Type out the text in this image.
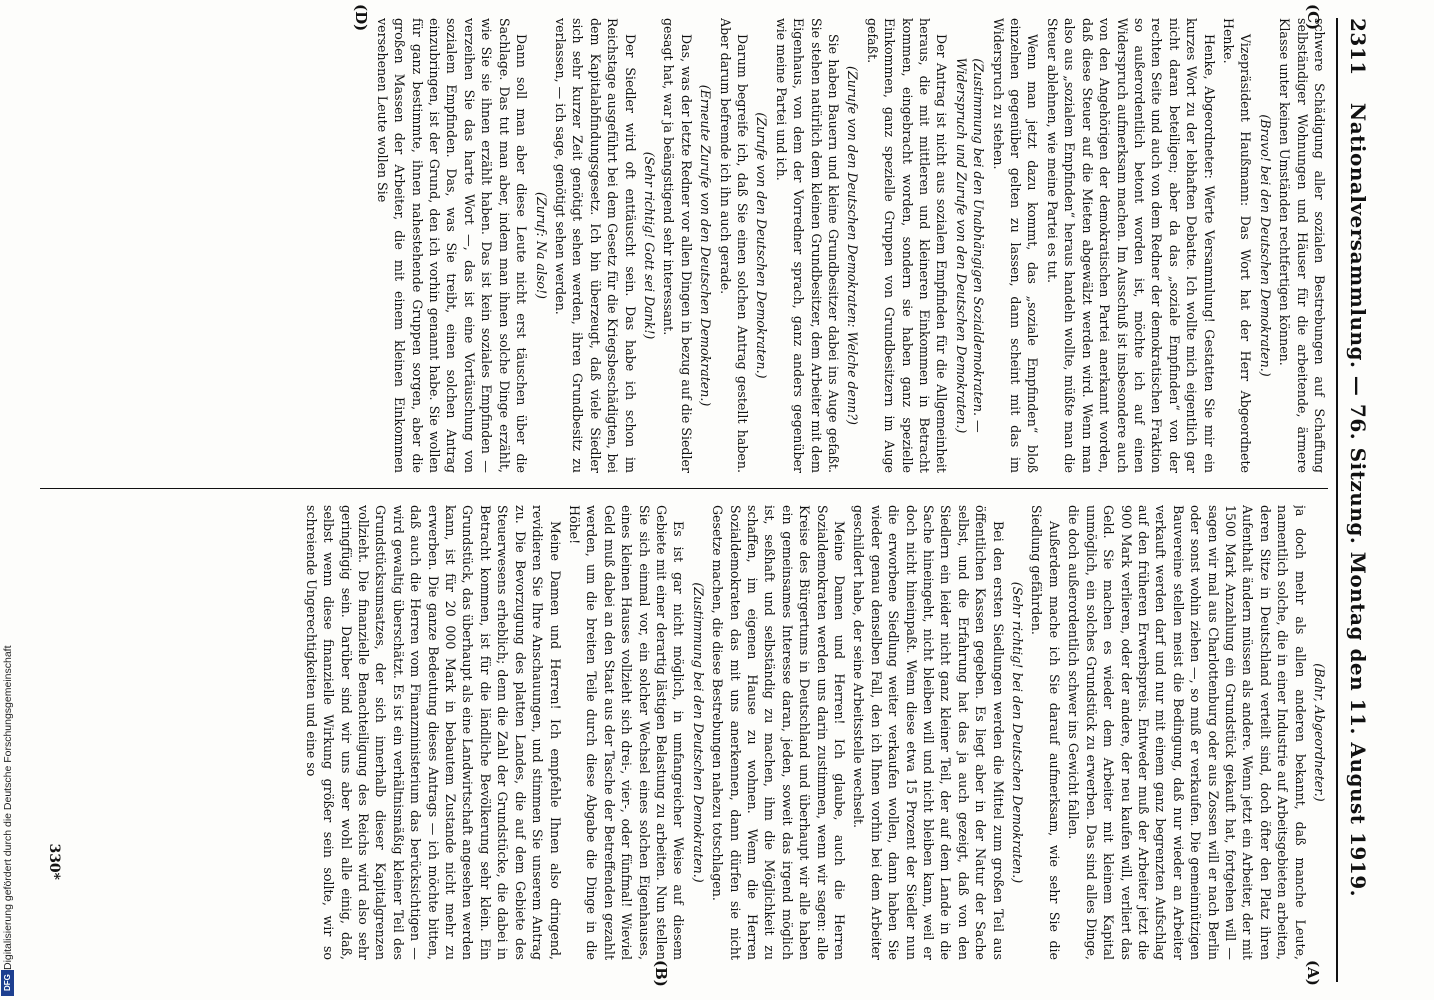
2311
Nationalversammlung. — 76. Sitzung. Montag den 11. August 1919.

schwere Schädigung aller sozialen Bestrebungen auf Schaffung selbständiger Wohnungen und Häuser für die arbeitende, ärmere Klasse unter keinen Umständen rechtfertigen können.

(Bravo! bei den Deutschen Demokraten.)

Vizepräsident Haußmann: Das Wort hat der Herr Abgeordnete Henke.

Henke, Abgeordneter: Werte Versammlung! Gestatten Sie mir ein kurzes Wort zu der lebhaften Debatte. Ich wollte mich eigentlich gar nicht daran beteiligen; aber da das „soziale Empfinden“ von der rechten Seite und auch von dem Redner der demokratischen Fraktion so außerordentlich betont worden ist, möchte ich auf einen Widerspruch aufmerksam machen. Im Ausschuß ist insbesondere auch von den Angehörigen der demokratischen Partei anerkannt worden, daß diese Steuer auf die Mieten abgewälzt werden wird. Wenn man also aus „sozialem Empfinden“ heraus handeln wollte, müßte man die Steuer ablehnen, wie meine Partei es tut.

Wenn man jetzt dazu kommt, das „soziale Empfinden“ bloß einzelnen gegenüber gelten zu lassen, dann scheint mit das im Widerspruch zu stehen.

(Zustimmung bei den Unabhängigen Sozialdemokraten. — Widerspruch und Zurufe von den Deutschen Demokraten.)

Der Antrag ist nicht aus sozialem Empfinden für die Allgemeinheit heraus, die mit mittleren und kleineren Einkommen in Betracht kommen, eingebracht worden, sondern sie haben ganz spezielle Einkommen, ganz spezielle Gruppen von Grundbesitzern im Auge gefaßt.

(Zurufe von den Deutschen Demokraten: Welche denn?)

Sie haben Bauern und kleine Grundbesitzer dabei ins Auge gefaßt. Sie stehen natürlich dem kleinen Grundbesitzer, dem Arbeiter mit dem Eigenhaus, von dem der Vorredner sprach, ganz anders gegenüber wie meine Partei und ich.

(Zurufe von den Deutschen Demokraten.)

Darum begreife ich, daß Sie einen solchen Antrag gestellt haben. Aber darum befremde ich ihn auch gerade.

(Erneute Zurufe von den Deutschen Demokraten.)

Das, was der letzte Redner vor allen Dingen in bezug auf die Siedler gesagt hat, war ja beängstigend sehr interessant.

(Sehr richtig! Gott sei Dank!)

Der Siedler wird oft enttäuscht sein. Das habe ich schon im Reichstage ausgeführt bei dem Gesetz für die Kriegsbeschädigten, bei dem Kapitalabfindungsgesetz. Ich bin überzeugt, daß viele Siedler sich sehr kurzer Zeit genötigt sehen werden, ihren Grundbesitz zu verlassen, — ich sage, genötigt sehen werden.

(Zuruf: Na also!)

Dann soll man aber diese Leute nicht erst täuschen über die Sachlage. Das tut man aber, indem man ihnen solche Dinge erzählt, wie Sie sie ihnen erzählt haben. Das ist kein soziales Empfinden — verzeihen Sie das harte Wort —, das ist eine Vortäuschung von sozialem Empfinden. Das, was Sie treibt, einen solchen Antrag einzubringen, ist der Grund, den ich vorhin genannt habe. Sie wollen für ganz bestimmte, ihnen nahestehende Gruppen sorgen, aber die großen Massen der Arbeiter, die mit einem kleinen Einkommen versehenen Leute wollen Sie

(Bahr, Abgeordneter.)

ja doch mehr als allen anderen bekannt, daß manche Leute, namentlich solche, die in einer Industrie auf Arbeitsgebieten arbeiten, deren Sitze in Deutschland verteilt sind, doch öfter den Platz ihren Aufenthalt ändern müssen als andere. Wenn jetzt ein Arbeiter, der mit 1500 Mark Anzahlung ein Grundstück gekauft hat, fortgehen will — sagen wir mal aus Charlottenburg oder aus Zossen will er nach Berlin oder sonst wohin ziehen —, so muß er verkaufen. Die gemeinnützigen Bauvereine stellen meist die Bedingung, daß nur wieder an Arbeiter verkauft werden darf und nur mit einem ganz begrenzten Aufschlag auf den früheren Erwerbspreis. Entweder muß der Arbeiter jetzt die 900 Mark verlieren, oder der andere, der neu kaufen will, verliert das Geld. Sie machen es wieder dem Arbeiter mit kleinem Kapital unmöglich, ein solches Grundstück zu erwerben. Das sind alles Dinge, die doch außerordentlich schwer ins Gewicht fallen.

Außerdem mache ich Sie darauf aufmerksam, wie sehr Sie die Siedlung gefährden.

(Sehr richtig! bei den Deutschen Demokraten.)

Bei den ersten Siedlungen werden die Mittel zum großen Teil aus öffentlichen Kassen gegeben. Es liegt aber in der Natur der Sache selbst, und die Erfahrung hat das ja auch gezeigt, daß von den Siedlern ein leider nicht ganz kleiner Teil, der auf dem Lande in die Sache hineingeht, nicht bleiben will und nicht bleiben kann, weil er doch nicht hineinpaßt. Wenn diese etwa 15 Prozent der Siedler nun die erworbene Siedlung weiter verkaufen wollen, dann haben Sie wieder genau denselben Fall, den ich Ihnen vorhin bei dem Arbeiter geschildert habe, der seine Arbeitsstelle wechselt.

Meine Damen und Herren! Ich glaube, auch die Herren Sozialdemokraten werden uns darin zustimmen, wenn wir sagen: alle Kreise des Bürgertums in Deutschland und überhaupt wir alle haben ein gemeinsames Interesse daran, jeden, soweit das irgend möglich ist, seßhaft und selbständig zu machen, ihm die Möglichkeit zu schaffen, im eigenen Hause zu wohnen. Wenn die Herren Sozialdemokraten das mit uns anerkennen, dann dürfen sie nicht Gesetze machen, die diese Bestrebungen nahezu totschlagen.

(Zustimmung bei den Deutschen Demokraten.)

Es ist gar nicht möglich, in umfangreicher Weise auf diesem Gebiete mit einer derartig lästigen Belastung zu arbeiten. Nun stellen Sie sich einmal vor, ein solcher Wechsel eines solchen Eigenhauses, eines kleinen Hauses vollzieht sich drei-, vier-, oder fünfmal! Wieviel Geld muß dabei an den Staat aus der Tasche der Betreffenden gezahlt werden, um die breiten Teile durch diese Abgabe die Dinge in die Höhe!

Meine Damen und Herren! Ich empfehle Ihnen also dringend, revidieren Sie Ihre Anschauungen, und stimmen Sie unserem Antrag zu. Die Bevorzugung des platten Landes, die auf dem Gebiete des Steuerwesens erheblich; denn die Zahl der Grundstücke, die dabei in Betracht kommen, ist für die ländliche Bevölkerung sehr klein. Ein Grundstück, das überhaupt als eine Landwirtschaft angesehen werden kann, ist für 20 000 Mark in bebautem Zustande nicht mehr zu erwerben. Die ganze Bedeutung dieses Antrags — ich möchte bitten, daß auch die Herren vom Finanzministerium das berücksichtigen — wird gewaltig überschätzt. Es ist ein verhältnismäßig kleiner Teil des Grundstücksumsatzes, der sich innerhalb dieser Kapitalgrenzen vollzieht. Die finanzielle Benachteiligung des Reichs wird also sehr geringfügig sein. Darüber sind wir uns aber wohl alle einig, daß, selbst wenn diese finanzielle Wirkung größer sein sollte, wir so schreiende Ungerechtigkeiten und eine so

(C)
(D)
(A)
(B)
330*
Digitalisierung gefördert durch die Deutsche Forschungsgemeinschaft
DFG
